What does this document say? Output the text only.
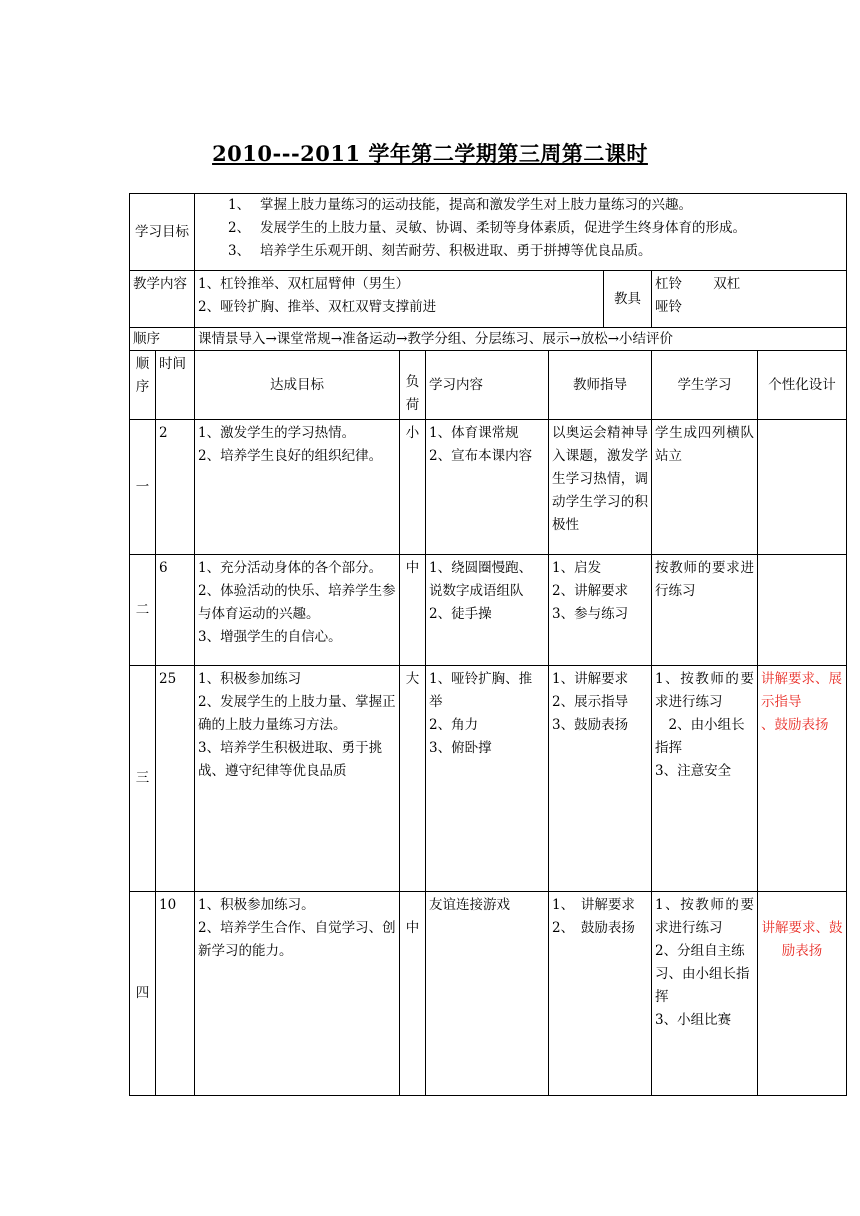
2010---2011 学年第二学期第三周第二课时
学习目标		1、 掌握上肢力量练习的运动技能，提高和激发学生对上肢力量练习的兴趣。
2、 发展学生的上肢力量、灵敏、协调、柔韧等身体素质，促进学生终身体育的形成。
3、 培养学生乐观开朗、刻苦耐劳、积极进取、勇于拼搏等优良品质。						

教学内容		1、杠铃推举、双杠屈臂伸（男生）
2、哑铃扩胸、推举、双杠双臂支撑前进				教具	杠铃　　 双杠
哑铃	

顺序		课情景导入→课堂常规→准备运动→教学分组、分层练习、展示→放松→小结评价						
顺序	时间	达成目标	负荷	学习内容	教师指导		学生学习	个性化设计
一	2	1、激发学生的学习热情。
2、培养学生良好的组织纪律。	小	1、体育课常规
2、宣布本课内容	以奥运会精神导入课题，激发学生学习热情，调动学生学习的积极性		学生成四列横队站立	
二	6	1、充分活动身体的各个部分。
2、体验活动的快乐、培养学生参与体育运动的兴趣。
3、增强学生的自信心。	中	1、绕圆圈慢跑、说数字成语组队
2、徒手操	1、启发
2、讲解要求
3、参与练习		按教师的要求进行练习	
三	25	1、积极参加练习
2、发展学生的上肢力量、掌握正确的上肢力量练习方法。
3、培养学生积极进取、勇于挑战、遵守纪律等优良品质	大	1、哑铃扩胸、推举
2、角力
3、俯卧撑	1、讲解要求
2、展示指导
3、鼓励表扬		1、按教师的要求进行练习
　2、由小组长指挥
3、注意安全	讲解要求、展示指导
、鼓励表扬

四	10	1、积极参加练习。
2、培养学生合作、自觉学习、创新学习的能力。	中	友谊连接游戏	1、　讲解要求
2、　鼓励表扬		1、按教师的要求进行练习
2、分组自主练习、由小组长指挥
3、小组比赛	讲解要求、鼓励表扬
